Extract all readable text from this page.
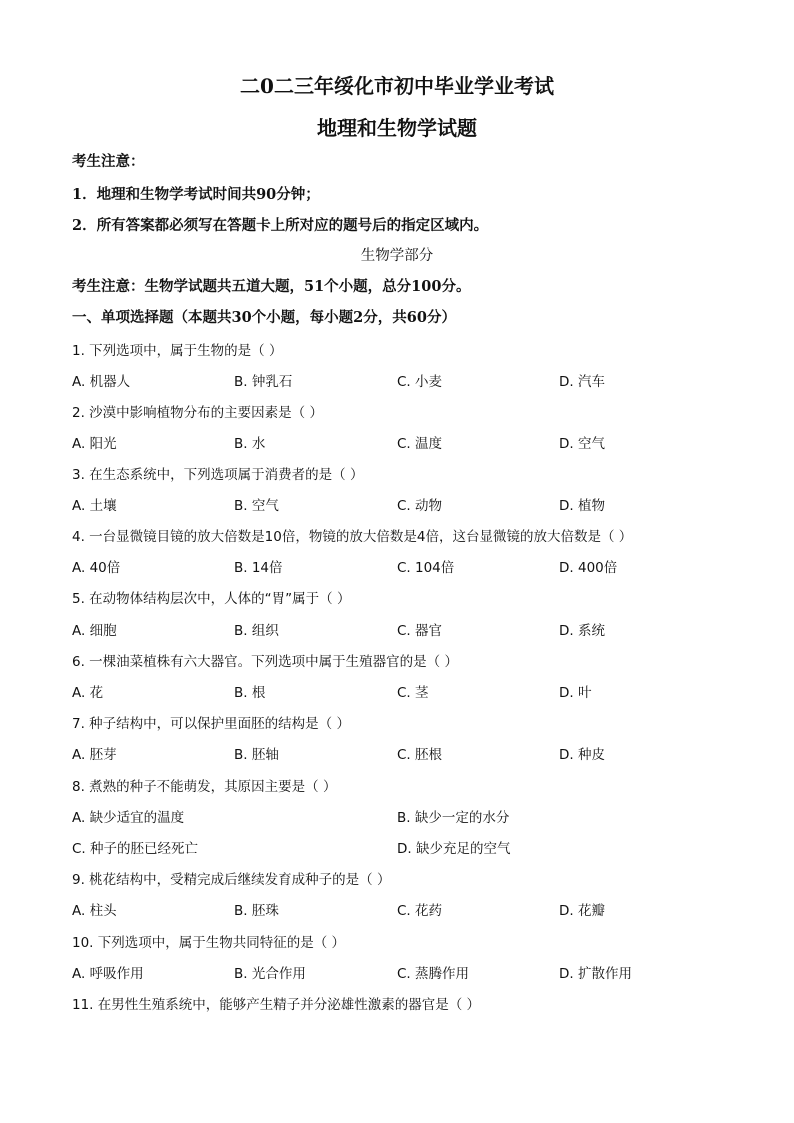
二0二三年绥化市初中毕业学业考试
地理和生物学试题
考生注意：
1．地理和生物学考试时间共90分钟；
2．所有答案都必须写在答题卡上所对应的题号后的指定区域内。
生物学部分
考生注意：生物学试题共五道大题，51个小题，总分100分。
一、单项选择题（本题共30个小题，每小题2分，共60分）
1. 下列选项中，属于生物的是（ ）
A. 机器人	B. 钟乳石	C. 小麦	D. 汽车
2. 沙漠中影响植物分布的主要因素是（ ）
A. 阳光	B. 水	C. 温度	D. 空气
3. 在生态系统中，下列选项属于消费者的是（ ）
A. 土壤	B. 空气	C. 动物	D. 植物
4. 一台显微镜目镜的放大倍数是10倍，物镜的放大倍数是4倍，这台显微镜的放大倍数是（ ）
A. 40倍	B. 14倍	C. 104倍	D. 400倍
5. 在动物体结构层次中，人体的“胃”属于（ ）
A. 细胞	B. 组织	C. 器官	D. 系统
6. 一棵油菜植株有六大器官。下列选项中属于生殖器官的是（ ）
A. 花	B. 根	C. 茎	D. 叶
7. 种子结构中，可以保护里面胚的结构是（ ）
A. 胚芽	B. 胚轴	C. 胚根	D. 种皮
8. 煮熟的种子不能萌发，其原因主要是（ ）
A. 缺少适宜的温度	B. 缺少一定的水分
C. 种子的胚已经死亡	D. 缺少充足的空气
9. 桃花结构中，受精完成后继续发育成种子的是（ ）
A. 柱头	B. 胚珠	C. 花药	D. 花瓣
10. 下列选项中，属于生物共同特征的是（ ）
A. 呼吸作用	B. 光合作用	C. 蒸腾作用	D. 扩散作用
11. 在男性生殖系统中，能够产生精子并分泌雄性激素的器官是（ ）
